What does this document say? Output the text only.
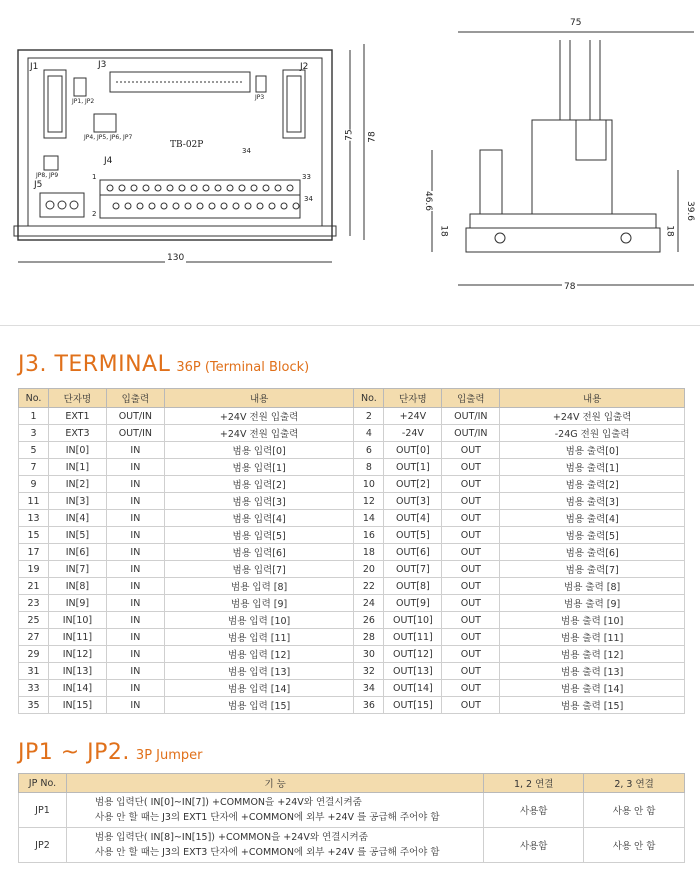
J1	J2
J3
J4
J5
JP1, JP2
JP3
JP4, JP5, JP6, JP7
JP8, JP9
TB-02P
34
1
2
33
34
130
75 78
75
78
46.6	39.6
18	18
J3. TERMINAL 36P (Terminal Block)
No.	단자명	입출력	내용	No.	단자명	입출력	내용
1	EXT1	OUT/IN	+24V 전원 입출력	2	+24V	OUT/IN	+24V 전원 입출력
3	EXT3	OUT/IN	+24V 전원 입출력	4	-24V	OUT/IN	-24G 전원 입출력
5	IN[0]	IN	범용 입력[0]	6	OUT[0]	OUT	범용 출력[0]
7	IN[1]	IN	범용 입력[1]	8	OUT[1]	OUT	범용 출력[1]
9	IN[2]	IN	범용 입력[2]	10	OUT[2]	OUT	범용 출력[2]
11	IN[3]	IN	범용 입력[3]	12	OUT[3]	OUT	범용 출력[3]
13	IN[4]	IN	범용 입력[4]	14	OUT[4]	OUT	범용 출력[4]
15	IN[5]	IN	범용 입력[5]	16	OUT[5]	OUT	범용 출력[5]
17	IN[6]	IN	범용 입력[6]	18	OUT[6]	OUT	범용 출력[6]
19	IN[7]	IN	범용 입력[7]	20	OUT[7]	OUT	범용 출력[7]
21	IN[8]	IN	범용 입력 [8]	22	OUT[8]	OUT	범용 출력 [8]
23	IN[9]	IN	범용 입력 [9]	24	OUT[9]	OUT	범용 출력 [9]
25	IN[10]	IN	범용 입력 [10]	26	OUT[10]	OUT	범용 출력 [10]
27	IN[11]	IN	범용 입력 [11]	28	OUT[11]	OUT	범용 출력 [11]
29	IN[12]	IN	범용 입력 [12]	30	OUT[12]	OUT	범용 출력 [12]
31	IN[13]	IN	범용 입력 [13]	32	OUT[13]	OUT	범용 출력 [13]
33	IN[14]	IN	범용 입력 [14]	34	OUT[14]	OUT	범용 출력 [14]
35	IN[15]	IN	범용 입력 [15]	36	OUT[15]	OUT	범용 출력 [15]
JP1 ~ JP2. 3P Jumper
JP No.	기 능	1, 2 연결	2, 3 연결
JP1	범용 입력단( IN[0]~IN[7]) +COMMON을 +24V와 연결시켜줌
사용 안 할 때는 J3의 EXT1 단자에 +COMMON에 외부 +24V 를 공급해 주어야 함	사용함	사용 안 함
JP2	범용 입력단( IN[8]~IN[15]) +COMMON을 +24V와 연결시켜줌
사용 안 할 때는 J3의 EXT3 단자에 +COMMON에 외부 +24V 를 공급해 주어야 함	사용함	사용 안 함
